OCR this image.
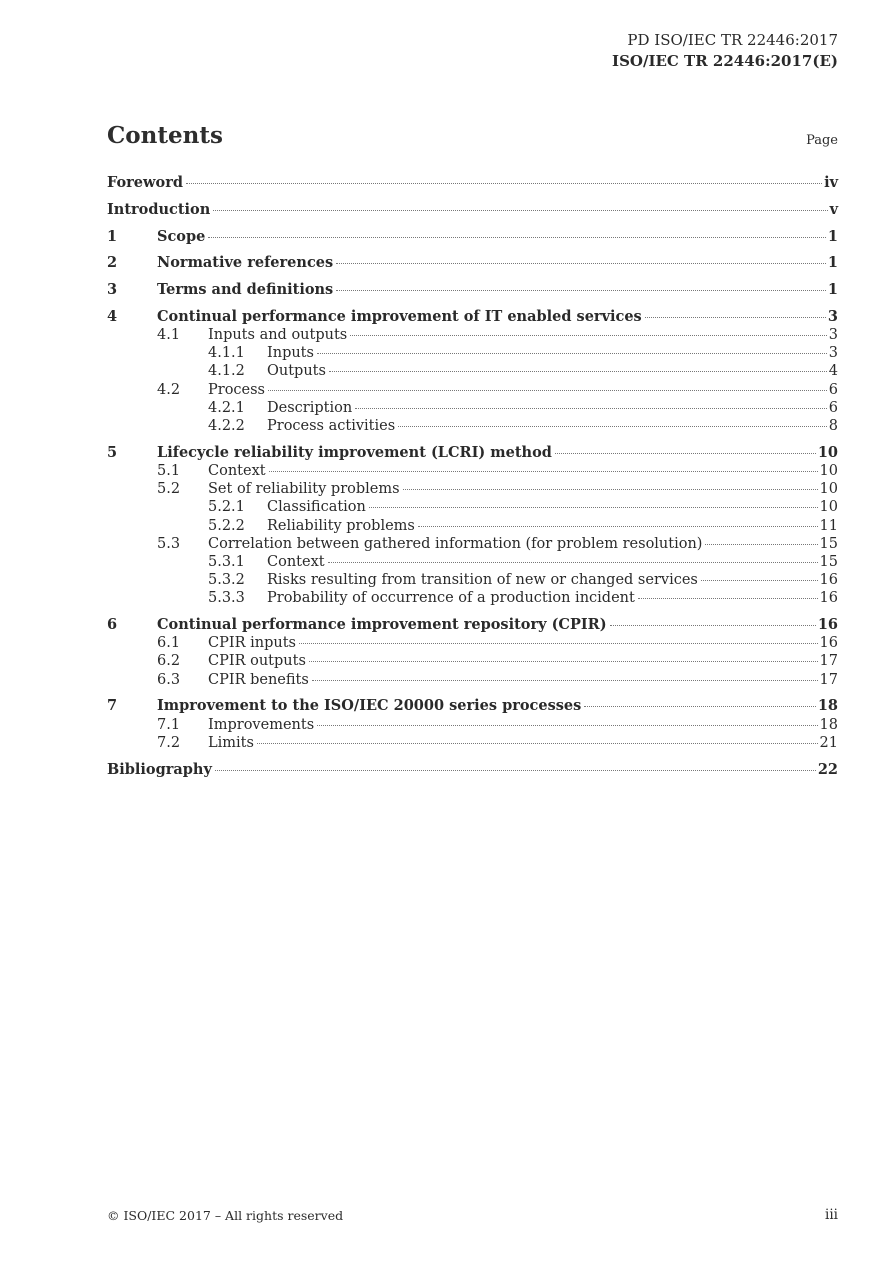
PD ISO/IEC TR 22446:2017
ISO/IEC TR 22446:2017(E)
Contents	Page
Foreword	iv
Introduction	v
1	Scope	1
2	Normative references	1
3	Terms and definitions	1
4	Continual performance improvement of IT enabled services	3
4.1	Inputs and outputs	3
4.1.1	Inputs	3
4.1.2	Outputs	4
4.2	Process	6
4.2.1	Description	6
4.2.2	Process activities	8
5	Lifecycle reliability improvement (LCRI) method	10
5.1	Context	10
5.2	Set of reliability problems	10
5.2.1	Classification	10
5.2.2	Reliability problems	11
5.3	Correlation between gathered information (for problem resolution)	15
5.3.1	Context	15
5.3.2	Risks resulting from transition of new or changed services	16
5.3.3	Probability of occurrence of a production incident	16
6	Continual performance improvement repository (CPIR)	16
6.1	CPIR inputs	16
6.2	CPIR outputs	17
6.3	CPIR benefits	17
7	Improvement to the ISO/IEC 20000 series processes	18
7.1	Improvements	18
7.2	Limits	21
Bibliography	22
© ISO/IEC 2017 – All rights reserved	iii
